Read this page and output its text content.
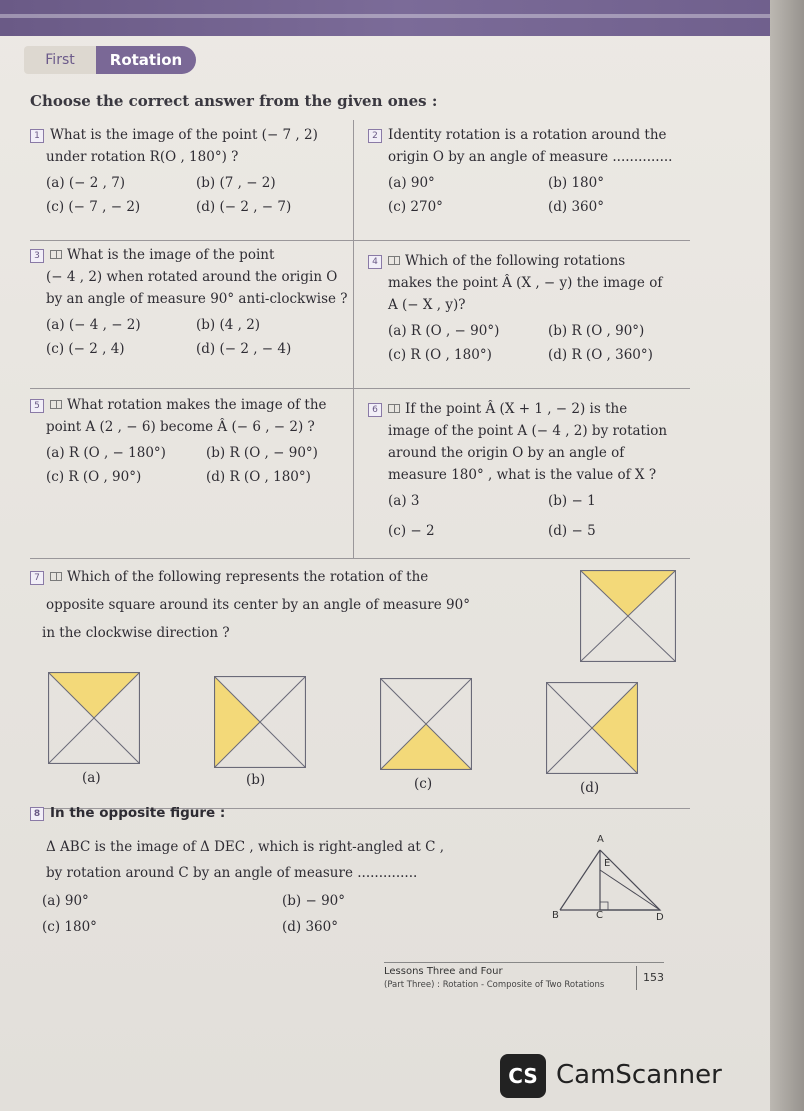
First	Rotation
Choose the correct answer from the given ones :
1 What is the image of the point (− 7 , 2)
under rotation R(O , 180°) ?
(a) (− 2 , 7)	(b) (7 , − 2)
(c) (− 7 , − 2)	(d) (− 2 , − 7)
2 Identity rotation is a rotation around the
origin O by an angle of measure ..............
(a) 90°	(b) 180°
(c) 270°	(d) 360°
3 What is the image of the point
(− 4 , 2) when rotated around the origin O
by an angle of measure 90° anti-clockwise ?
(a) (− 4 , − 2)	(b) (4 , 2)
(c) (− 2 , 4)	(d) (− 2 , − 4)
4 Which of the following rotations
makes the point Â (X , − y) the image of
A (− X , y)?
(a) R (O , − 90°)	(b) R (O , 90°)
(c) R (O , 180°)	(d) R (O , 360°)
5 What rotation makes the image of the
point A (2 , − 6) become Â (− 6 , − 2) ?
(a) R (O , − 180°)	(b) R (O , − 90°)
(c) R (O , 90°)	(d) R (O , 180°)
6 If the point Â (X + 1 , − 2) is the
image of the point A (− 4 , 2) by rotation
around the origin O by an angle of
measure 180° , what is the value of X ?
(a) 3	(b) − 1
(c) − 2	(d) − 5
7 Which of the following represents the rotation of the
opposite square around its center by an angle of measure 90°
in the clockwise direction ?
(a)	(b)	(c)	(d)
8 In the opposite figure :
Δ ABC is the image of Δ DEC , which is right-angled at C ,
by rotation around C by an angle of measure ..............
(a) 90°	(b) − 90°
(c) 180°	(d) 360°
A
E
B	C	D
Lessons Three and Four
(Part Three) : Rotation - Composite of Two Rotations
153
CS CamScanner
